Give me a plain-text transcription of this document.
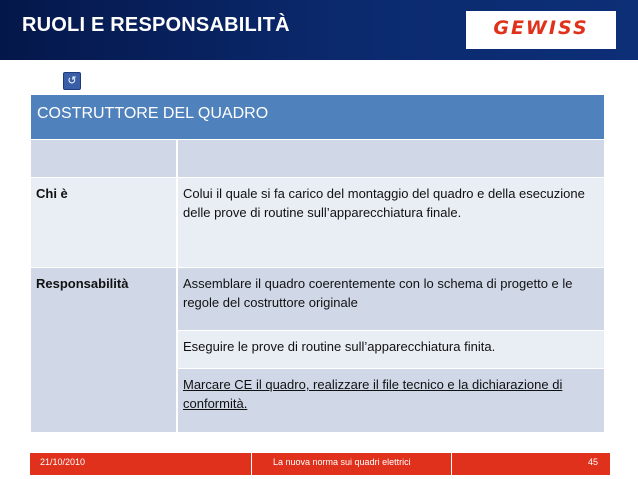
RUOLI E RESPONSABILITÀ	GEWISS
↺
COSTRUTTORE DEL QUADRO
Chi è	Colui il quale si fa carico del montaggio del quadro e della esecuzione delle prove di routine sull’apparecchiatura finale.
Responsabilità	Assemblare il quadro coerentemente con lo schema di progetto e le regole del costruttore originale
Eseguire le prove di routine sull’apparecchiatura finita.
Marcare CE il quadro, realizzare il file tecnico e la dichiarazione di conformità.
21/10/2010	La nuova norma sui quadri elettrici	45
